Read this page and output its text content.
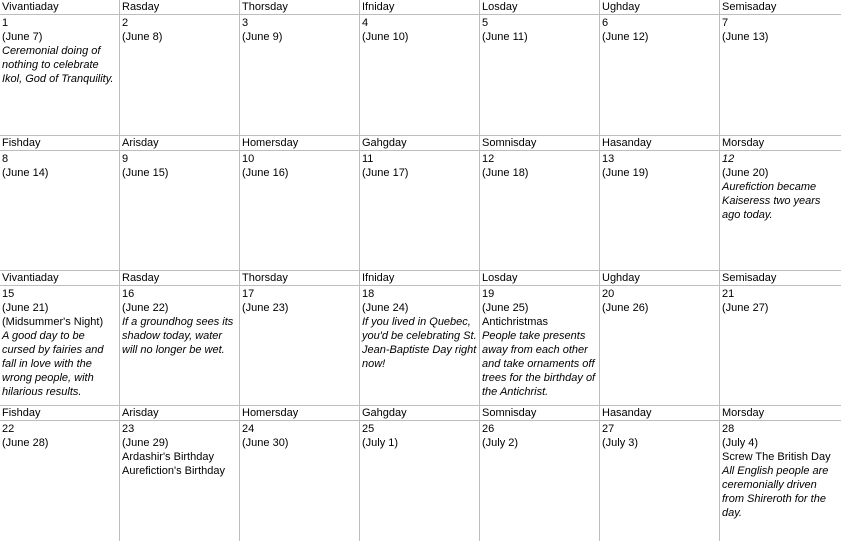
Vivantiaday
1
(June 7)
Ceremonial doing of nothing to celebrate Ikol, God of Tranquility.
Rasday
2
(June 8)
Thorsday
3
(June 9)
Ifniday
4
(June 10)
Losday
5
(June 11)
Ughday
6
(June 12)
Semisaday
7
(June 13)
Fishday
8
(June 14)
Arisday
9
(June 15)
Homersday
10
(June 16)
Gahgday
11
(June 17)
Somnisday
12
(June 18)
Hasanday
13
(June 19)
Morsday
12
(June 20)
Aurefiction became Kaiseress two years ago today.
Vivantiaday
15
(June 21)
(Midsummer's Night)
A good day to be cursed by fairies and fall in love with the wrong people, with hilarious results.
Rasday
16
(June 22)
If a groundhog sees its shadow today, water will no longer be wet.
Thorsday
17
(June 23)
Ifniday
18
(June 24)
If you lived in Quebec, you'd be celebrating St. Jean-Baptiste Day right now!
Losday
19
(June 25)
Antichristmas
People take presents away from each other and take ornaments off trees for the birthday of the Antichrist.
Ughday
20
(June 26)
Semisaday
21
(June 27)
Fishday
22
(June 28)
Arisday
23
(June 29)
Ardashir's Birthday
Aurefiction's Birthday
Homersday
24
(June 30)
Gahgday
25
(July 1)
Somnisday
26
(July 2)
Hasanday
27
(July 3)
Morsday
28
(July 4)
Screw The British Day
All English people are ceremonially driven from Shireroth for the day.
